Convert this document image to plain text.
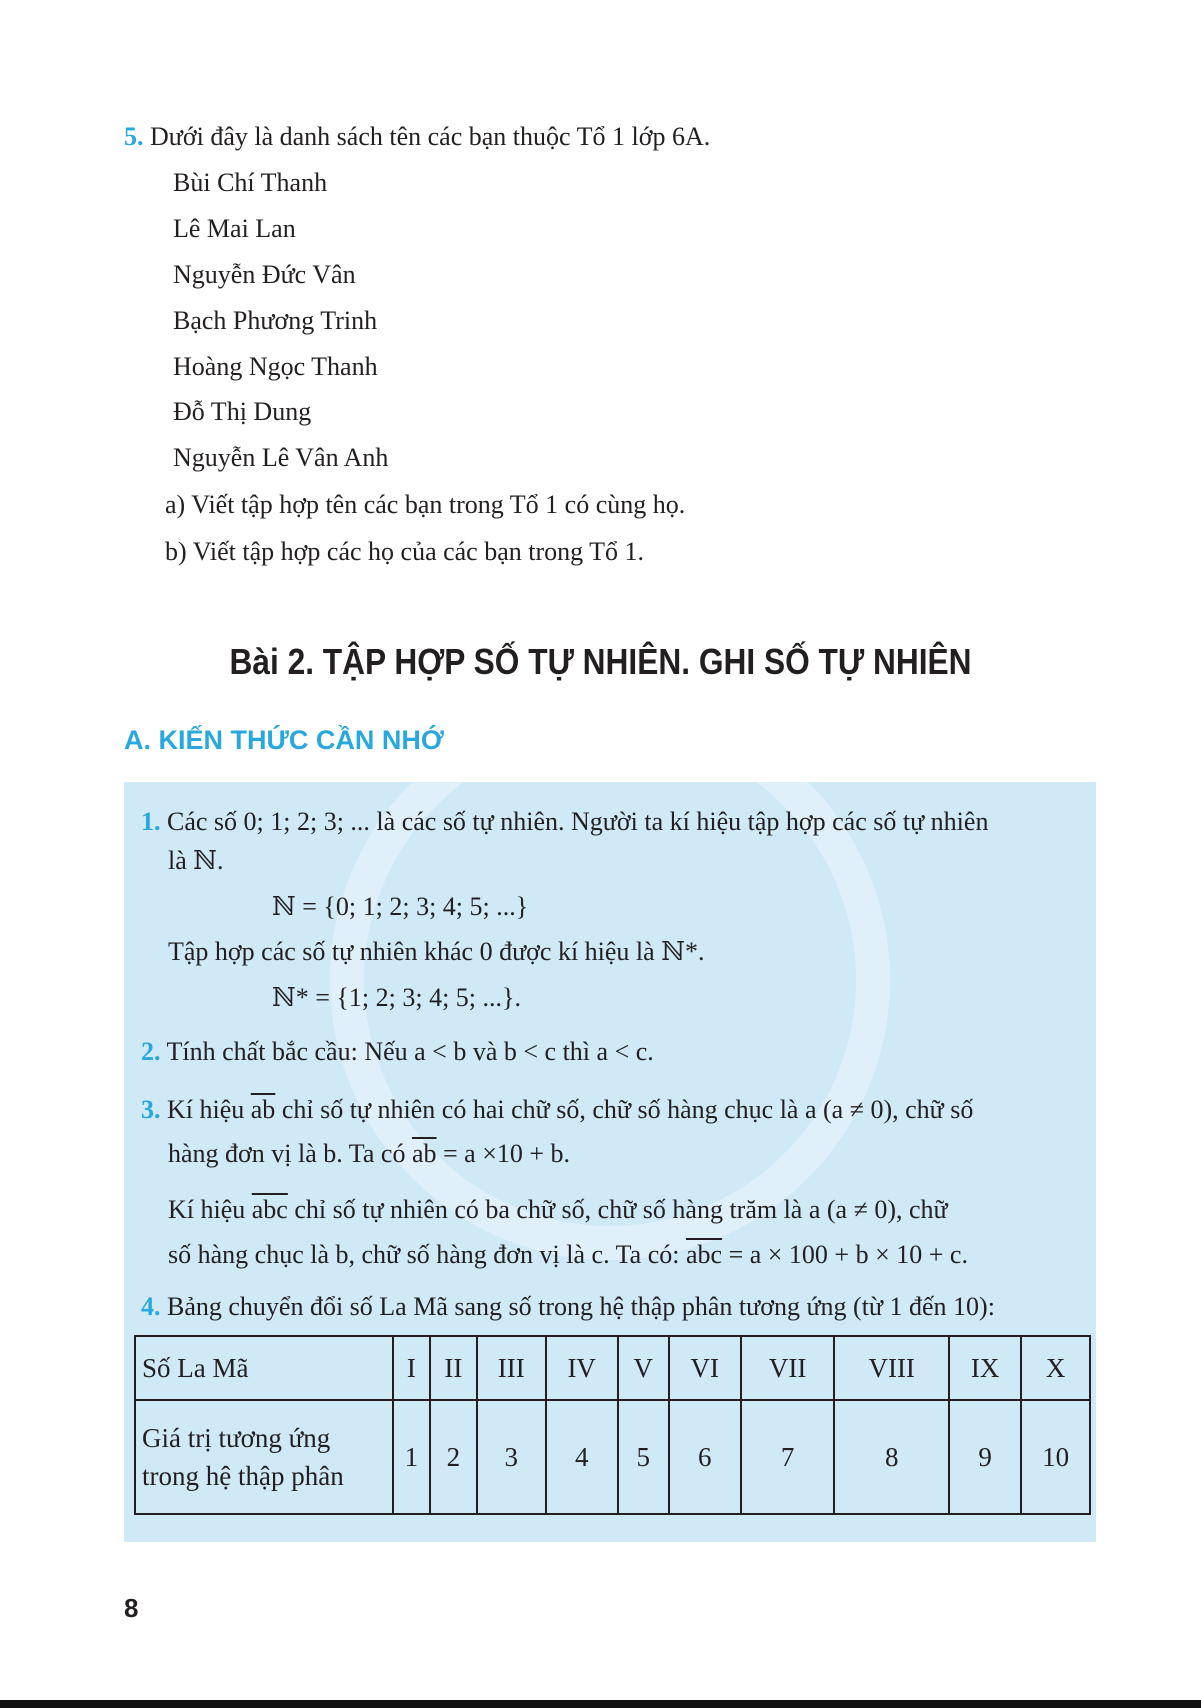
5. Dưới đây là danh sách tên các bạn thuộc Tổ 1 lớp 6A.
Bùi Chí Thanh
Lê Mai Lan
Nguyễn Đức Vân
Bạch Phương Trinh
Hoàng Ngọc Thanh
Đỗ Thị Dung
Nguyễn Lê Vân Anh
a) Viết tập hợp tên các bạn trong Tổ 1 có cùng họ.
b) Viết tập hợp các họ của các bạn trong Tổ 1.
Bài 2. TẬP HỢP SỐ TỰ NHIÊN. GHI SỐ TỰ NHIÊN
A. KIẾN THỨC CẦN NHỚ
1. Các số 0; 1; 2; 3; ... là các số tự nhiên. Người ta kí hiệu tập hợp các số tự nhiên
là ℕ.
ℕ = {0; 1; 2; 3; 4; 5; ...}
Tập hợp các số tự nhiên khác 0 được kí hiệu là ℕ*.
ℕ* = {1; 2; 3; 4; 5; ...}.
2. Tính chất bắc cầu: Nếu a < b và b < c thì a < c.
3. Kí hiệu $\overline{ab}$ chỉ số tự nhiên có hai chữ số, chữ số hàng chục là a (a ≠ 0), chữ số
hàng đơn vị là b. Ta có $\overline{ab} = a \times 10 + b$.
Kí hiệu $\overline{abc}$ chỉ số tự nhiên có ba chữ số, chữ số hàng trăm là a (a ≠ 0), chữ
số hàng chục là b, chữ số hàng đơn vị là c. Ta có: $\overline{abc} = a \times 100 + b \times 10 + c$.
4. Bảng chuyển đổi số La Mã sang số trong hệ thập phân tương ứng (từ 1 đến 10):
Số La Mã	I	II	III	IV	V	VI	VII	VIII	IX	X

Giá trị tương ứng
trong hệ thập phân	1	2	3	4	5	6	7	8	9	10
8
